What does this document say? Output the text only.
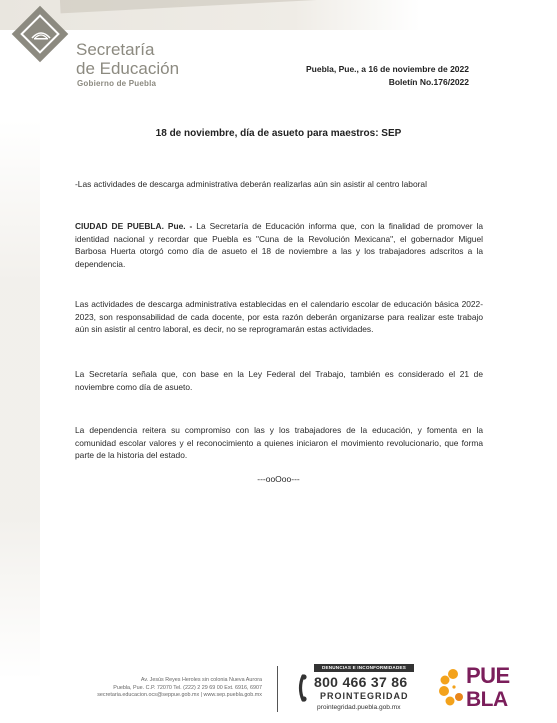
Secretaría
de Educación
Gobierno de Puebla
Puebla, Pue., a 16 de noviembre de 2022
Boletín No.176/2022
18 de noviembre, día de asueto para maestros: SEP
-Las actividades de descarga administrativa deberán realizarlas aún sin asistir al centro laboral
CIUDAD DE PUEBLA. Pue. - La Secretaría de Educación informa que, con la finalidad de promover la identidad nacional y recordar que Puebla es "Cuna de la Revolución Mexicana", el gobernador Miguel Barbosa Huerta otorgó como día de asueto el 18 de noviembre a las y los trabajadores adscritos a la dependencia.
Las actividades de descarga administrativa establecidas en el calendario escolar de educación básica 2022-2023, son responsabilidad de cada docente, por esta razón deberán organizarse para realizar este trabajo aún sin asistir al centro laboral, es decir, no se reprogramarán estas actividades.
La Secretaría señala que, con base en la Ley Federal del Trabajo, también es considerado el 21 de noviembre como día de asueto.
La dependencia reitera su compromiso con las y los trabajadores de la educación, y fomenta en la comunidad escolar valores y el reconocimiento a quienes iniciaron el movimiento revolucionario, que forma parte de la historia del estado.
---ooOoo---
Av. Jesús Reyes Heroles sin colonia Nueva Aurora
Puebla, Pue. C.P. 72070 Tel. (222) 2 29 69 00 Ext. 6916, 6907
secretaria.educacion.ocs@seppue.gob.mx | www.sep.puebla.gob.mx
DENUNCIAS E INCONFORMIDADES
800 466 37 86
PROINTEGRIDAD
prointegridad.puebla.gob.mx
PUE
BLA
